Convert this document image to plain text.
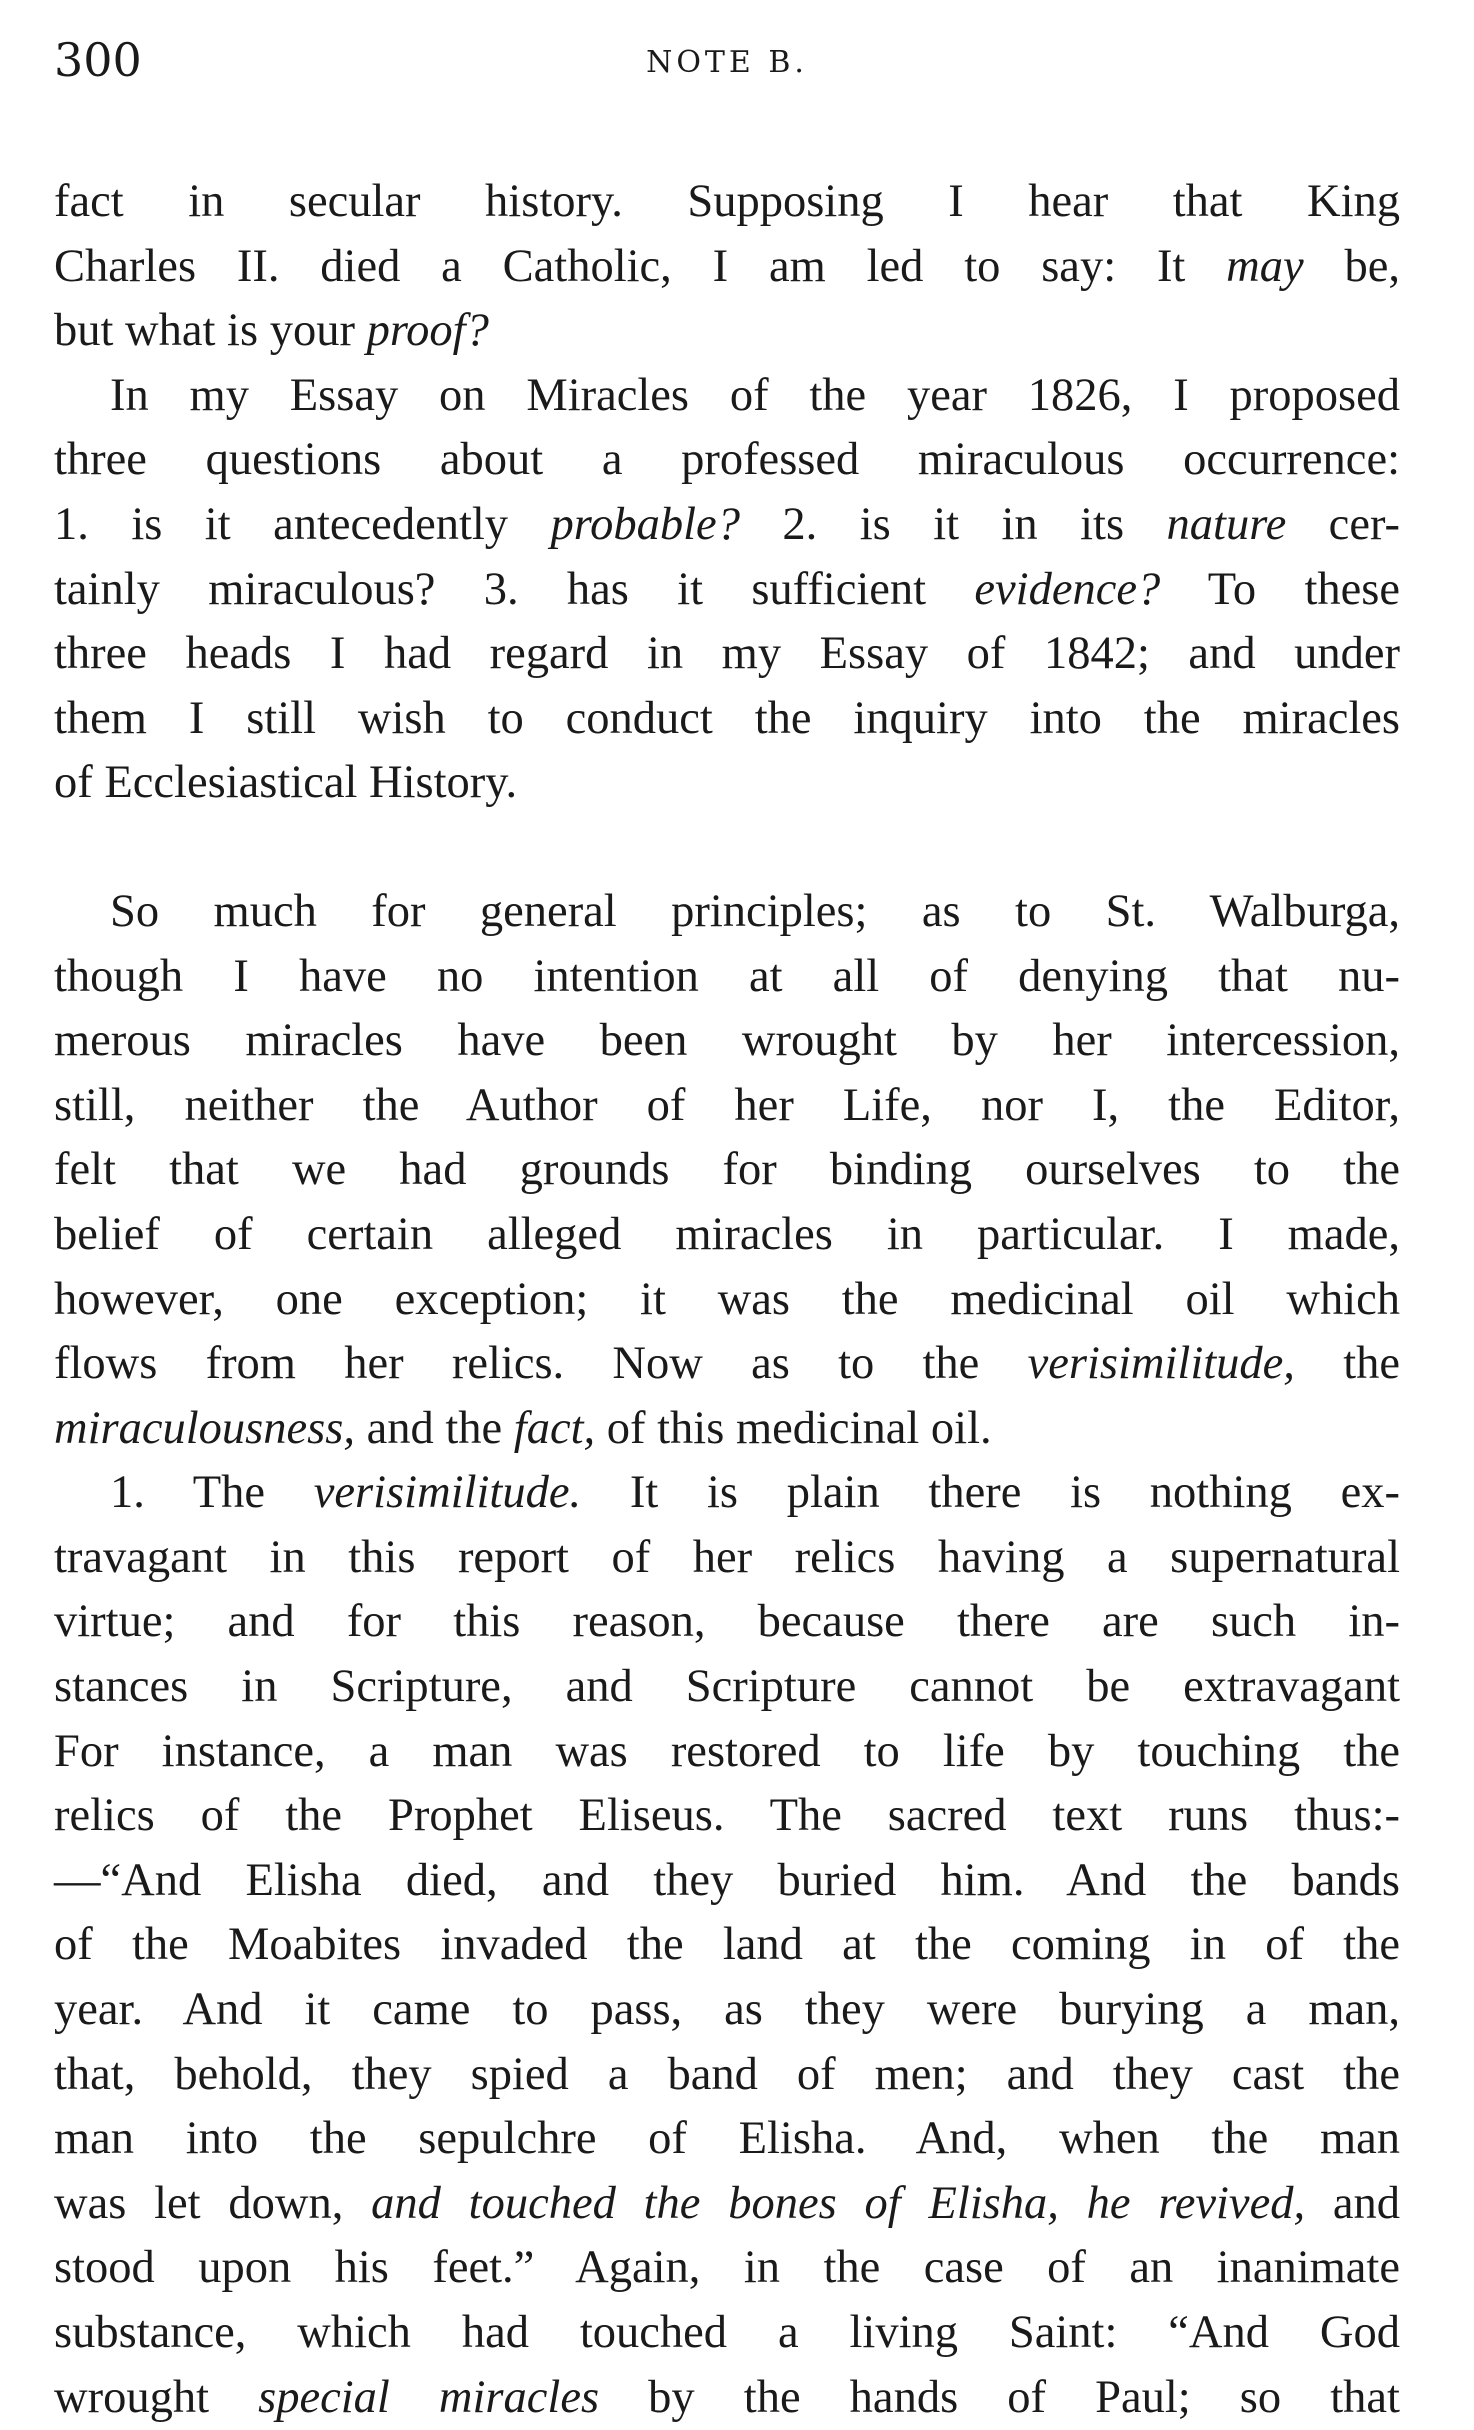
300	NOTE B.

fact in secular history. Supposing I hear that King
Charles II. died a Catholic, I am led to say: It may be,
but what is your proof?

In my Essay on Miracles of the year 1826, I proposed
three questions about a professed miraculous occurrence:
1. is it antecedently probable? 2. is it in its nature cer-
tainly miraculous? 3. has it sufficient evidence? To these
three heads I had regard in my Essay of 1842; and under
them I still wish to conduct the inquiry into the miracles
of Ecclesiastical History.

So much for general principles; as to St. Walburga,
though I have no intention at all of denying that nu-
merous miracles have been wrought by her intercession,
still, neither the Author of her Life, nor I, the Editor,
felt that we had grounds for binding ourselves to the
belief of certain alleged miracles in particular. I made,
however, one exception; it was the medicinal oil which
flows from her relics. Now as to the verisimilitude, the
miraculousness, and the fact, of this medicinal oil.

1. The verisimilitude. It is plain there is nothing ex-
travagant in this report of her relics having a supernatural
virtue; and for this reason, because there are such in-
stances in Scripture, and Scripture cannot be extravagant
For instance, a man was restored to life by touching the
relics of the Prophet Eliseus. The sacred text runs thus:-
—“And Elisha died, and they buried him. And the bands
of the Moabites invaded the land at the coming in of the
year. And it came to pass, as they were burying a man,
that, behold, they spied a band of men; and they cast the
man into the sepulchre of Elisha. And, when the man
was let down, and touched the bones of Elisha, he revived, and
stood upon his feet.” Again, in the case of an inanimate
substance, which had touched a living Saint: “And God
wrought special miracles by the hands of Paul; so that
